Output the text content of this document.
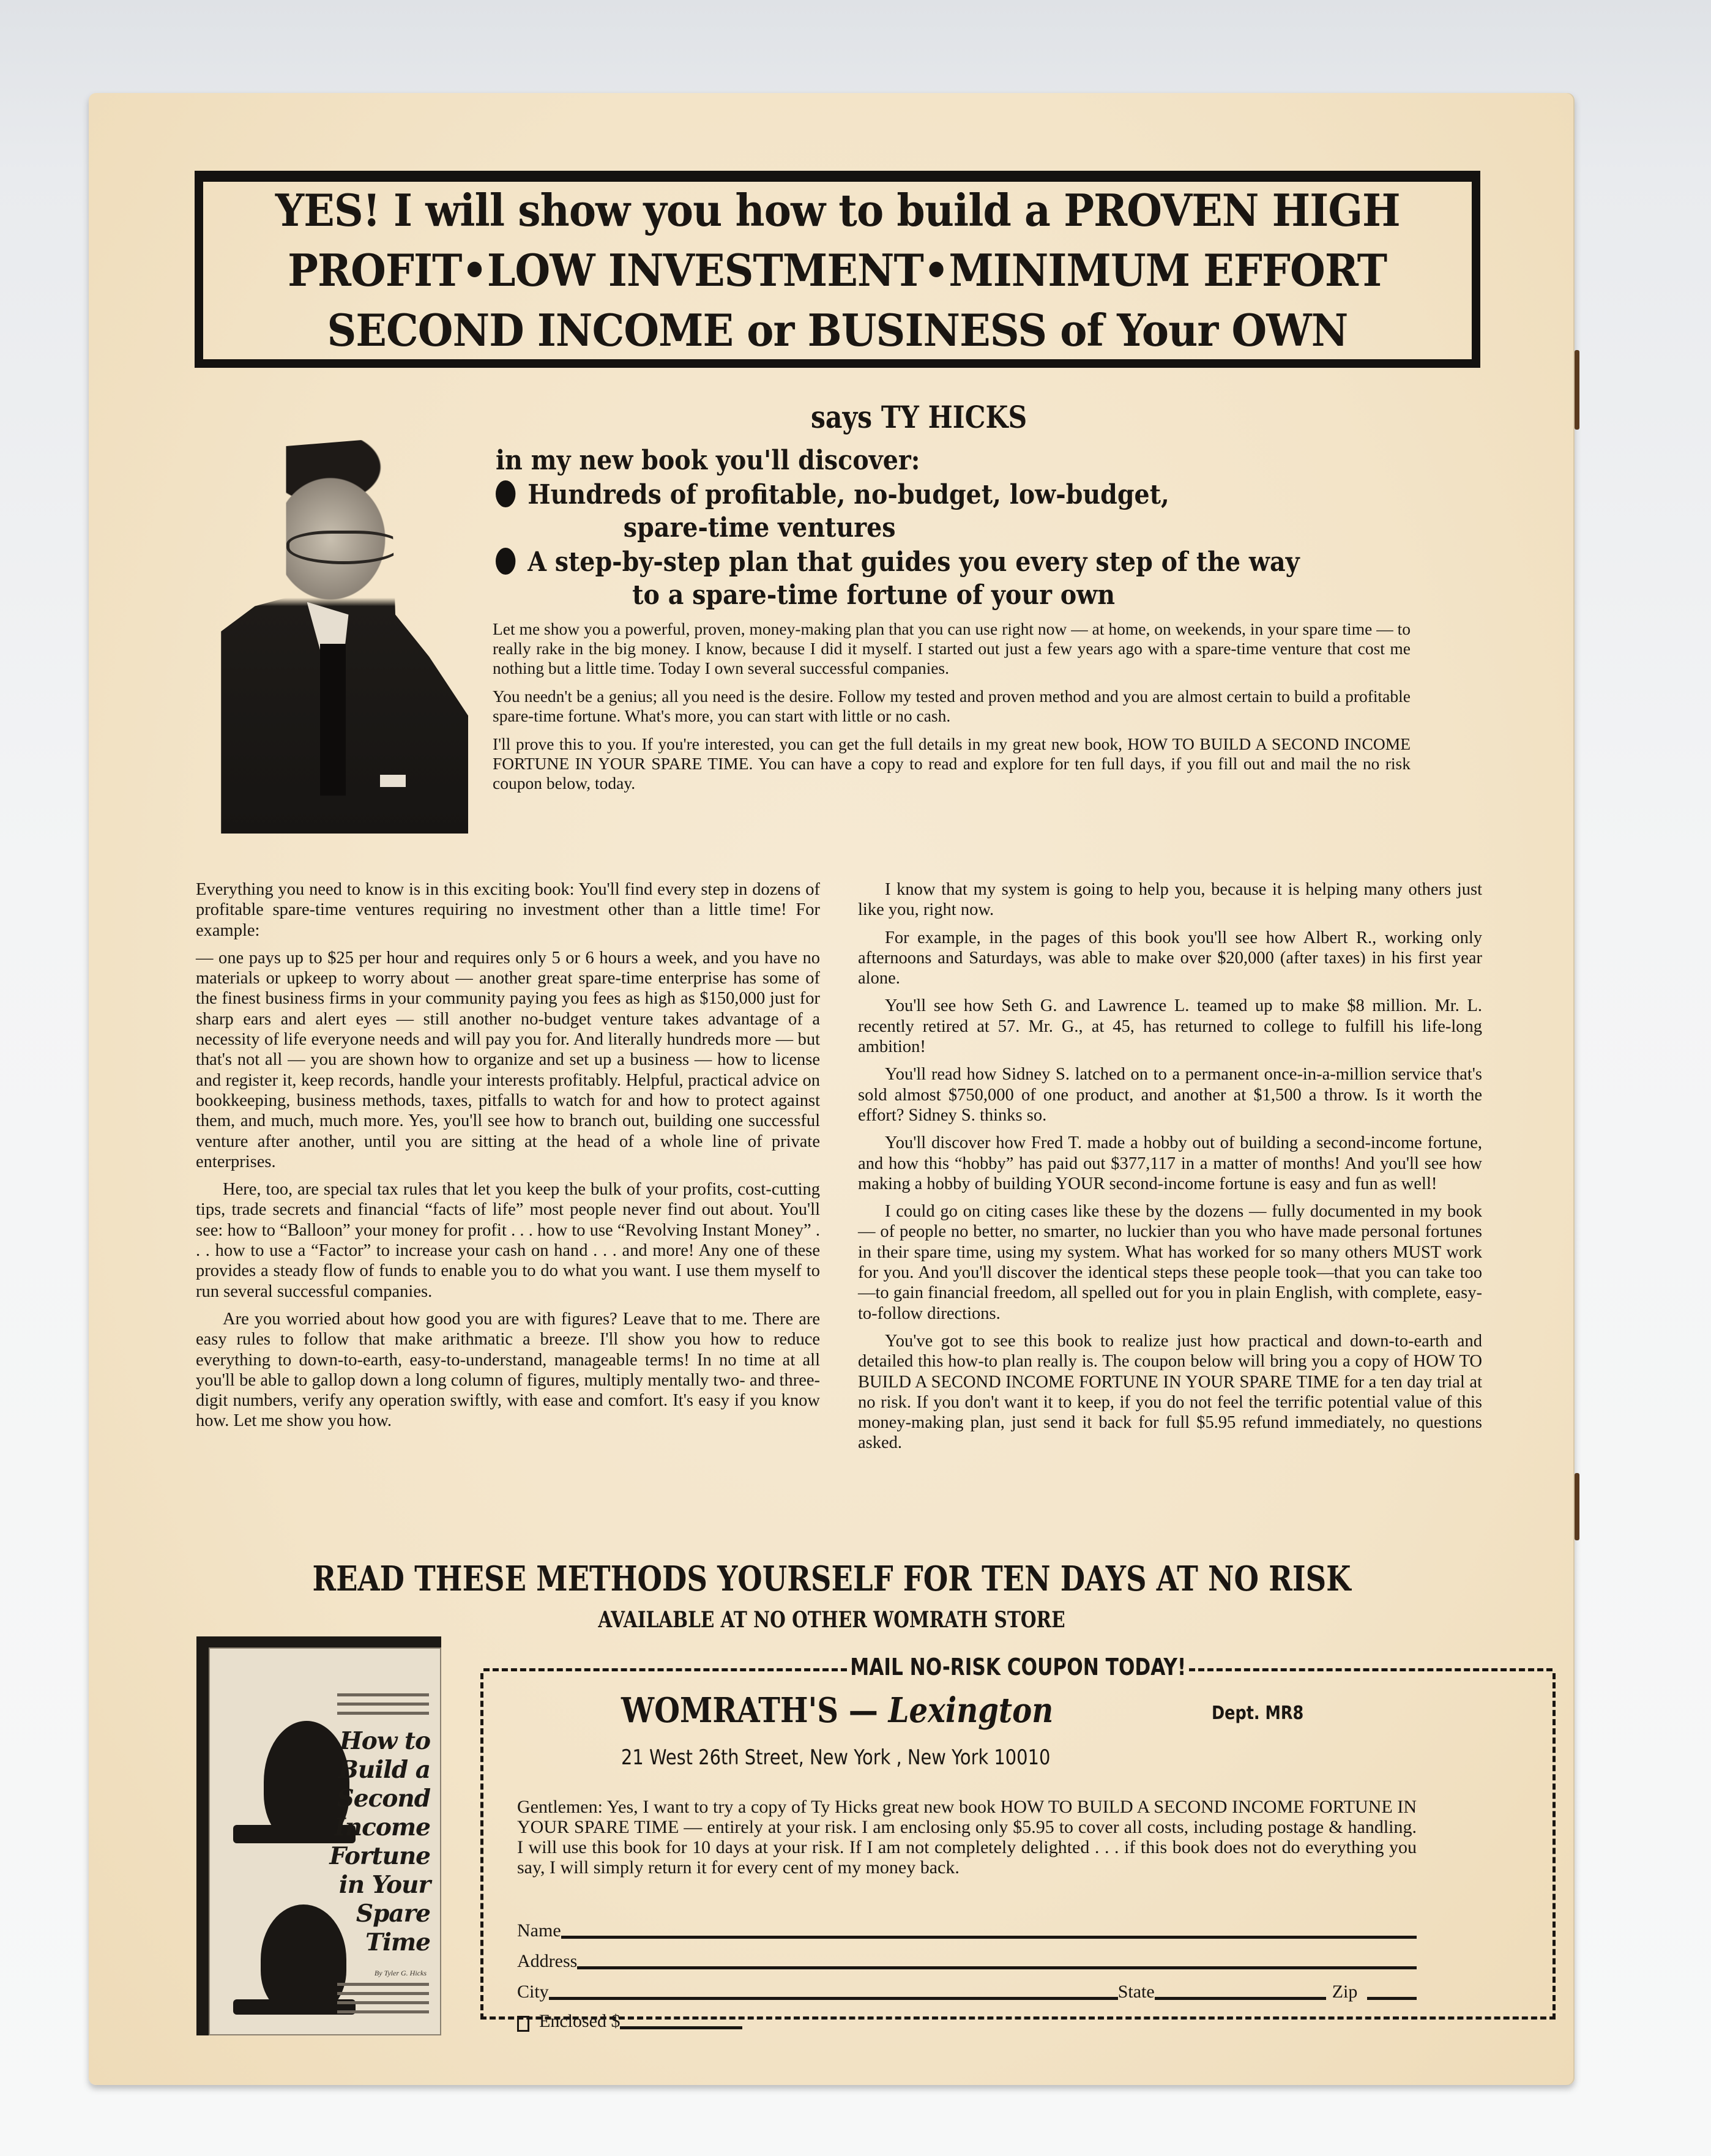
YES! I will show you how to build a PROVEN HIGH
PROFIT•LOW INVESTMENT•MINIMUM EFFORT
SECOND INCOME or BUSINESS of Your OWN
says TY HICKS
in my new book you'll discover:
Hundreds of profitable, no-budget, low-budget,
spare-time ventures
A step-by-step plan that guides you every step of the way
to a spare-time fortune of your own

Let me show you a powerful, proven, money-making plan that you can use right now — at home, on weekends, in your spare time — to really rake in the big money. I know, because I did it myself. I started out just a few years ago with a spare-time venture that cost me nothing but a little time. Today I own several successful companies.

You needn't be a genius; all you need is the desire. Follow my tested and proven method and you are almost certain to build a profitable spare-time fortune. What's more, you can start with little or no cash.

I'll prove this to you. If you're interested, you can get the full details in my great new book, HOW TO BUILD A SECOND INCOME FORTUNE IN YOUR SPARE TIME. You can have a copy to read and explore for ten full days, if you fill out and mail the no risk coupon below, today.

Everything you need to know is in this exciting book: You'll find every step in dozens of profitable spare-time ventures requiring no investment other than a little time! For example:

— one pays up to $25 per hour and requires only 5 or 6 hours a week, and you have no materials or upkeep to worry about — another great spare-time enterprise has some of the finest business firms in your community paying you fees as high as $150,000 just for sharp ears and alert eyes — still another no-budget venture takes advantage of a necessity of life everyone needs and will pay you for. And literally hundreds more — but that's not all — you are shown how to organize and set up a business — how to license and register it, keep records, handle your interests profitably. Helpful, practical advice on bookkeeping, business methods, taxes, pitfalls to watch for and how to protect against them, and much, much more. Yes, you'll see how to branch out, building one successful venture after another, until you are sitting at the head of a whole line of private enterprises.

Here, too, are special tax rules that let you keep the bulk of your profits, cost-cutting tips, trade secrets and financial “facts of life” most people never find out about. You'll see: how to “Balloon” your money for profit . . . how to use “Revolving Instant Money” . . . how to use a “Factor” to increase your cash on hand . . . and more! Any one of these provides a steady flow of funds to enable you to do what you want. I use them myself to run several successful companies.

Are you worried about how good you are with figures? Leave that to me. There are easy rules to follow that make arithmatic a breeze. I'll show you how to reduce everything to down-to-earth, easy-to-understand, manageable terms! In no time at all you'll be able to gallop down a long column of figures, multiply mentally two- and three-digit numbers, verify any operation swiftly, with ease and comfort. It's easy if you know how. Let me show you how.

I know that my system is going to help you, because it is helping many others just like you, right now.

For example, in the pages of this book you'll see how Albert R., working only afternoons and Saturdays, was able to make over $20,000 (after taxes) in his first year alone.

You'll see how Seth G. and Lawrence L. teamed up to make $8 million. Mr. L. recently retired at 57. Mr. G., at 45, has returned to college to fulfill his life-long ambition!

You'll read how Sidney S. latched on to a permanent once-in-a-million service that's sold almost $750,000 of one product, and another at $1,500 a throw. Is it worth the effort? Sidney S. thinks so.

You'll discover how Fred T. made a hobby out of building a second-income fortune, and how this “hobby” has paid out $377,117 in a matter of months! And you'll see how making a hobby of building YOUR second-income fortune is easy and fun as well!

I could go on citing cases like these by the dozens — fully documented in my book — of people no better, no smarter, no luckier than you who have made personal fortunes in their spare time, using my system. What has worked for so many others MUST work for you. And you'll discover the identical steps these people took—that you can take too—to gain financial freedom, all spelled out for you in plain English, with complete, easy-to-follow directions.

You've got to see this book to realize just how practical and down-to-earth and detailed this how-to plan really is. The coupon below will bring you a copy of HOW TO BUILD A SECOND INCOME FORTUNE IN YOUR SPARE TIME for a ten day trial at no risk. If you don't want it to keep, if you do not feel the terrific potential value of this money-making plan, just send it back for full $5.95 refund immediately, no questions asked.

READ THESE METHODS YOURSELF FOR TEN DAYS AT NO RISK
AVAILABLE AT NO OTHER WOMRATH STORE
How to
Build a
Second
Income
Fortune
in Your
Spare
Time
By Tyler G. Hicks
MAIL NO-RISK COUPON TODAY!
WOMRATH'S — Lexington	Dept. MR8
21 West 26th Street, New York , New York 10010
Gentlemen: Yes, I want to try a copy of Ty Hicks great new book HOW TO BUILD A SECOND INCOME FORTUNE IN YOUR SPARE TIME — entirely at your risk. I am enclosing only $5.95 to cover all costs, including postage & handling. I will use this book for 10 days at your risk. If I am not completely delighted . . . if this book does not do everything you say, I will simply return it for every cent of my money back.
Name
Address
City	State	Zip
Enclosed $
